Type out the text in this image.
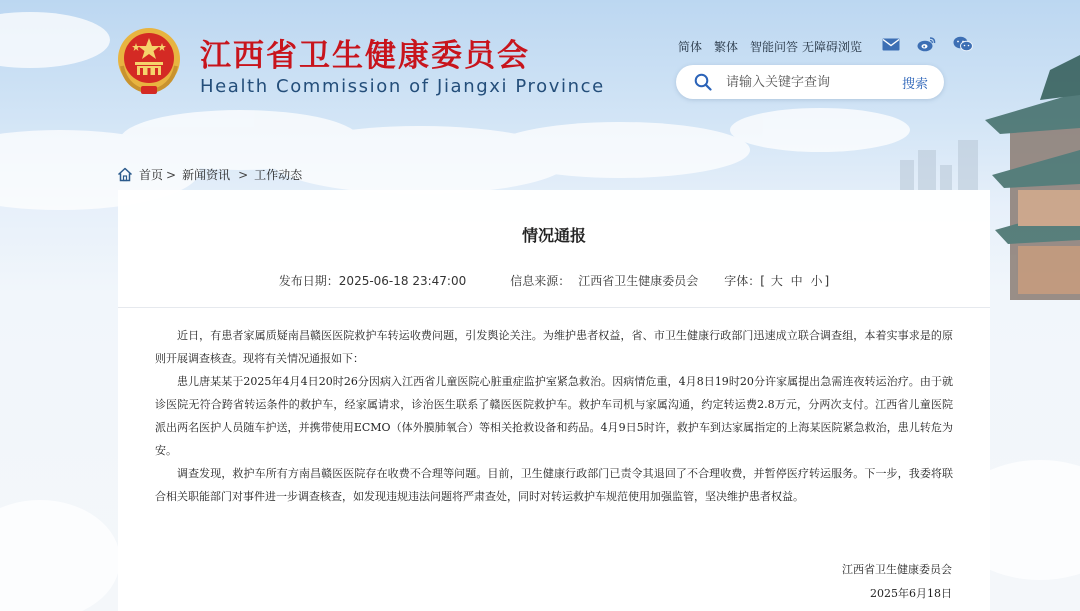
江西省卫生健康委员会
Health Commission of Jiangxi Province
简体 繁体 智能问答 无障碍浏览
请输入关键字查询
搜索
首页 > 新闻资讯 > 工作动态
情况通报
发布日期：2025-06-18 23:47:00	信息来源： 江西省卫生健康委员会 字体：[ 大 中 小 ]

近日，有患者家属质疑南昌赣医医院救护车转运收费问题，引发舆论关注。为维护患者权益，省、市卫生健康行政部门迅速成立联合调查组，本着实事求是的原则开展调查核查。现将有关情况通报如下：

患儿唐某某于2025年4月4日20时26分因病入江西省儿童医院心脏重症监护室紧急救治。因病情危重，4月8日19时20分许家属提出急需连夜转运治疗。由于就诊医院无符合跨省转运条件的救护车，经家属请求，诊治医生联系了赣医医院救护车。救护车司机与家属沟通，约定转运费2.8万元，分两次支付。江西省儿童医院派出两名医护人员随车护送，并携带使用ECMO（体外膜肺氧合）等相关抢救设备和药品。4月9日5时许，救护车到达家属指定的上海某医院紧急救治，患儿转危为安。

调查发现，救护车所有方南昌赣医医院存在收费不合理等问题。目前，卫生健康行政部门已责令其退回了不合理收费，并暂停医疗转运服务。下一步，我委将联合相关职能部门对事件进一步调查核查，如发现违规违法问题将严肃查处，同时对转运救护车规范使用加强监管，坚决维护患者权益。

江西省卫生健康委员会
2025年6月18日
